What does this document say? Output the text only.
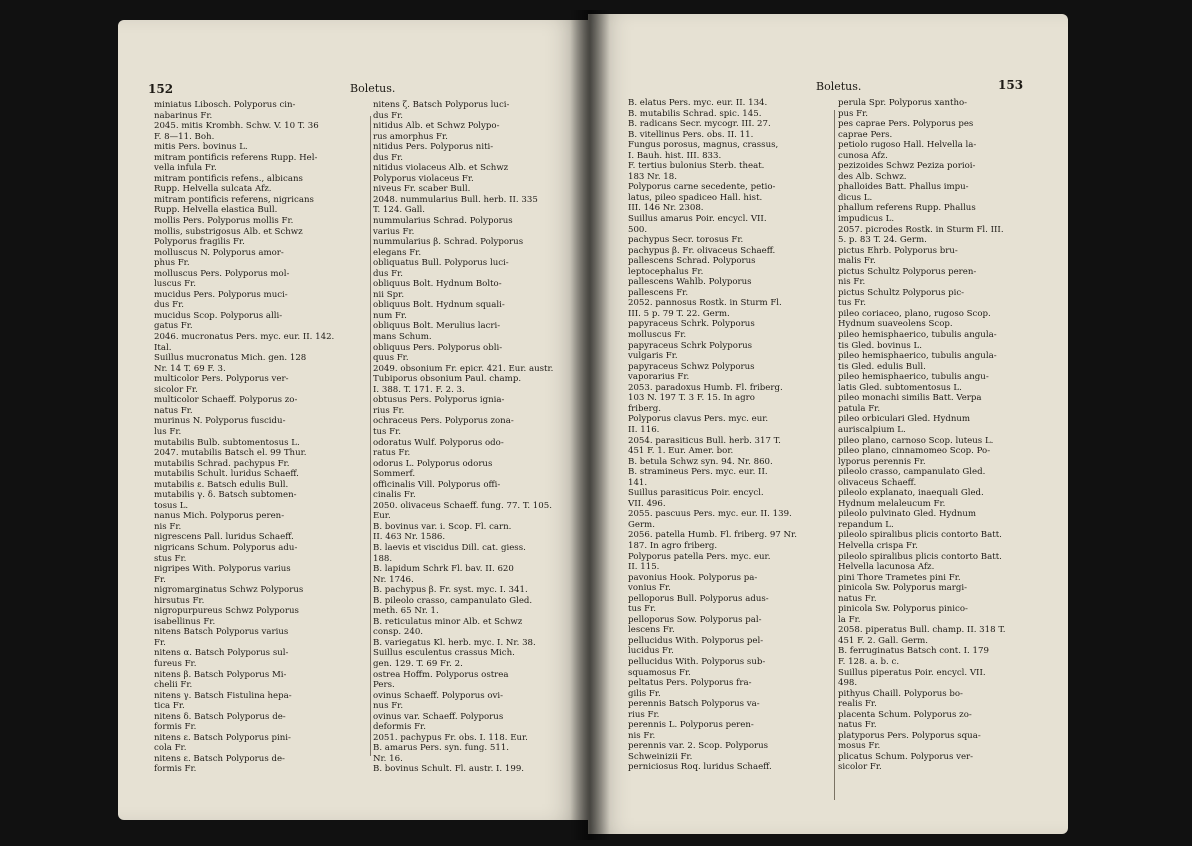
152	Boletus.

miniatus Libosch. Polyporus cin-

nabarinus Fr.

2045. mitis Krombh. Schw. V. 10 T. 36

F. 8—11. Boh.

mitis Pers. bovinus L.

mitram pontificis referens Rupp. Hel-

vella infula Fr.

mitram pontificis refens., albicans

Rupp. Helvella sulcata Afz.

mitram pontificis referens, nigricans

Rupp. Helvella elastica Bull.

mollis Pers. Polyporus mollis Fr.

mollis, substrigosus Alb. et Schwz

Polyporus fragilis Fr.

molluscus N. Polyporus amor-

phus Fr.

molluscus Pers. Polyporus mol-

luscus Fr.

mucidus Pers. Polyporus muci-

dus Fr.

mucidus Scop. Polyporus alli-

gatus Fr.

2046. mucronatus Pers. myc. eur. II. 142.

Ital.

Suillus mucronatus Mich. gen. 128

Nr. 14 T. 69 F. 3.

multicolor Pers. Polyporus ver-

sicolor Fr.

multicolor Schaeff. Polyporus zo-

natus Fr.

murinus N. Polyporus fuscidu-

lus Fr.

mutabilis Bulb. subtomentosus L.

2047. mutabilis Batsch el. 99 Thur.

mutabilis Schrad. pachypus Fr.

mutabilis Schult. luridus Schaeff.

mutabilis ε. Batsch edulis Bull.

mutabilis γ. δ. Batsch subtomen-

tosus L.

nanus Mich. Polyporus peren-

nis Fr.

nigrescens Pall. luridus Schaeff.

nigricans Schum. Polyporus adu-

stus Fr.

nigripes With. Polyporus varius

Fr.

nigromarginatus Schwz Polyporus

hirsutus Fr.

nigropurpureus Schwz Polyporus

isabellinus Fr.

nitens Batsch Polyporus varius

Fr.

nitens α. Batsch Polyporus sul-

fureus Fr.

nitens β. Batsch Polyporus Mi-

chelii Fr.

nitens γ. Batsch Fistulina hepa-

tica Fr.

nitens δ. Batsch Polyporus de-

formis Fr.

nitens ε. Batsch Polyporus pini-

cola Fr.

nitens ε. Batsch Polyporus de-

formis Fr.

nitens ζ. Batsch Polyporus luci-

dus Fr.

nitidus Alb. et Schwz Polypo-

rus amorphus Fr.

nitidus Pers. Polyporus niti-

dus Fr.

nitidus violaceus Alb. et Schwz

Polyporus violaceus Fr.

niveus Fr. scaber Bull.

2048. nummularius Bull. herb. II. 335

T. 124. Gall.

nummularius Schrad. Polyporus

varius Fr.

nummularius β. Schrad. Polyporus

elegans Fr.

obliquatus Bull. Polyporus luci-

dus Fr.

obliquus Bolt. Hydnum Bolto-

nii Spr.

obliquus Bolt. Hydnum squali-

num Fr.

obliquus Bolt. Merulius lacri-

mans Schum.

obliquus Pers. Polyporus obli-

quus Fr.

2049. obsonium Fr. epicr. 421. Eur. austr.

Tubiporus obsonium Paul. champ.

I. 388. T. 171. F. 2. 3.

obtusus Pers. Polyporus ignia-

rius Fr.

ochraceus Pers. Polyporus zona-

tus Fr.

odoratus Wulf. Polyporus odo-

ratus Fr.

odorus L. Polyporus odorus

Sommerf.

officinalis Vill. Polyporus offi-

cinalis Fr.

2050. olivaceus Schaeff. fung. 77. T. 105.

Eur.

B. bovinus var. i. Scop. Fl. carn.

II. 463 Nr. 1586.

B. laevis et viscidus Dill. cat. giess.

188.

B. lapidum Schrk Fl. bav. II. 620

Nr. 1746.

B. pachypus β. Fr. syst. myc. I. 341.

B. pileolo crasso, campanulato Gled.

meth. 65 Nr. 1.

B. reticulatus minor Alb. et Schwz

consp. 240.

B. variegatus Kl. herb. myc. I. Nr. 38.

Suillus esculentus crassus Mich.

gen. 129. T. 69 Fr. 2.

ostrea Hoffm. Polyporus ostrea

Pers.

ovinus Schaeff. Polyporus ovi-

nus Fr.

ovinus var. Schaeff. Polyporus

deformis Fr.

2051. pachypus Fr. obs. I. 118. Eur.

B. amarus Pers. syn. fung. 511.

Nr. 16.

B. bovinus Schult. Fl. austr. I. 199.

Boletus.	153

B. elatus Pers. myc. eur. II. 134.

B. mutabilis Schrad. spic. 145.

B. radicans Secr. mycogr. III. 27.

B. vitellinus Pers. obs. II. 11.

Fungus porosus, magnus, crassus,

I. Bauh. hist. III. 833.

F. tertius bulonius Sterb. theat.

183 Nr. 18.

Polyporus carne secedente, petio-

latus, pileo spadiceo Hall. hist.

III. 146 Nr. 2308.

Suillus amarus Poir. encycl. VII.

500.

pachypus Secr. torosus Fr.

pachypus β. Fr. olivaceus Schaeff.

pallescens Schrad. Polyporus

leptocephalus Fr.

pallescens Wahlb. Polyporus

pallescens Fr.

2052. pannosus Rostk. in Sturm Fl.

III. 5 p. 79 T. 22. Germ.

papyraceus Schrk. Polyporus

molluscus Fr.

papyraceus Schrk Polyporus

vulgaris Fr.

papyraceus Schwz Polyporus

vaporarius Fr.

2053. paradoxus Humb. Fl. friberg.

103 N. 197 T. 3 F. 15. In agro

friberg.

Polyporus clavus Pers. myc. eur.

II. 116.

2054. parasiticus Bull. herb. 317 T.

451 F. 1. Eur. Amer. bor.

B. betula Schwz syn. 94. Nr. 860.

B. stramineus Pers. myc. eur. II.

141.

Suillus parasiticus Poir. encycl.

VII. 496.

2055. pascuus Pers. myc. eur. II. 139.

Germ.

2056. patella Humb. Fl. friberg. 97 Nr.

187. In agro friberg.

Polyporus patella Pers. myc. eur.

II. 115.

pavonius Hook. Polyporus pa-

vonius Fr.

pelloporus Bull. Polyporus adus-

tus Fr.

pelloporus Sow. Polyporus pal-

lescens Fr.

pellucidus With. Polyporus pel-

lucidus Fr.

pellucidus With. Polyporus sub-

squamosus Fr.

peltatus Pers. Polyporus fra-

gilis Fr.

perennis Batsch Polyporus va-

rius Fr.

perennis L. Polyporus peren-

nis Fr.

perennis var. 2. Scop. Polyporus

Schweinizii Fr.

perniciosus Roq. luridus Schaeff.

perula Spr. Polyporus xantho-

pus Fr.

pes caprae Pers. Polyporus pes

caprae Pers.

petiolo rugoso Hall. Helvella la-

cunosa Afz.

pezizoides Schwz Peziza porioi-

des Alb. Schwz.

phalloides Batt. Phallus impu-

dicus L.

phallum referens Rupp. Phallus

impudicus L.

2057. picrodes Rostk. in Sturm Fl. III.

5. p. 83 T. 24. Germ.

pictus Ehrb. Polyporus bru-

malis Fr.

pictus Schultz Polyporus peren-

nis Fr.

pictus Schultz Polyporus pic-

tus Fr.

pileo coriaceo, plano, rugoso Scop.

Hydnum suaveolens Scop.

pileo hemisphaerico, tubulis angula-

tis Gled. bovinus L.

pileo hemisphaerico, tubulis angula-

tis Gled. edulis Bull.

pileo hemisphaerico, tubulis angu-

latis Gled. subtomentosus L.

pileo monachi similis Batt. Verpa

patula Fr.

pileo orbiculari Gled. Hydnum

auriscalpium L.

pileo plano, carnoso Scop. luteus L.

pileo plano, cinnamomeo Scop. Po-

lyporus perennis Fr.

pileolo crasso, campanulato Gled.

olivaceus Schaeff.

pileolo explanato, inaequali Gled.

Hydnum melaleucum Fr.

pileolo pulvinato Gled. Hydnum

repandum L.

pileolo spiralibus plicis contorto Batt.

Helvella crispa Fr.

pileolo spiralibus plicis contorto Batt.

Helvella lacunosa Afz.

pini Thore Trametes pini Fr.

pinicola Sw. Polyporus margi-

natus Fr.

pinicola Sw. Polyporus pinico-

la Fr.

2058. piperatus Bull. champ. II. 318 T.

451 F. 2. Gall. Germ.

B. ferruginatus Batsch cont. I. 179

F. 128. a. b. c.

Suillus piperatus Poir. encycl. VII.

498.

pithyus Chaill. Polyporus bo-

realis Fr.

placenta Schum. Polyporus zo-

natus Fr.

platyporus Pers. Polyporus squa-

mosus Fr.

plicatus Schum. Polyporus ver-

sicolor Fr.
